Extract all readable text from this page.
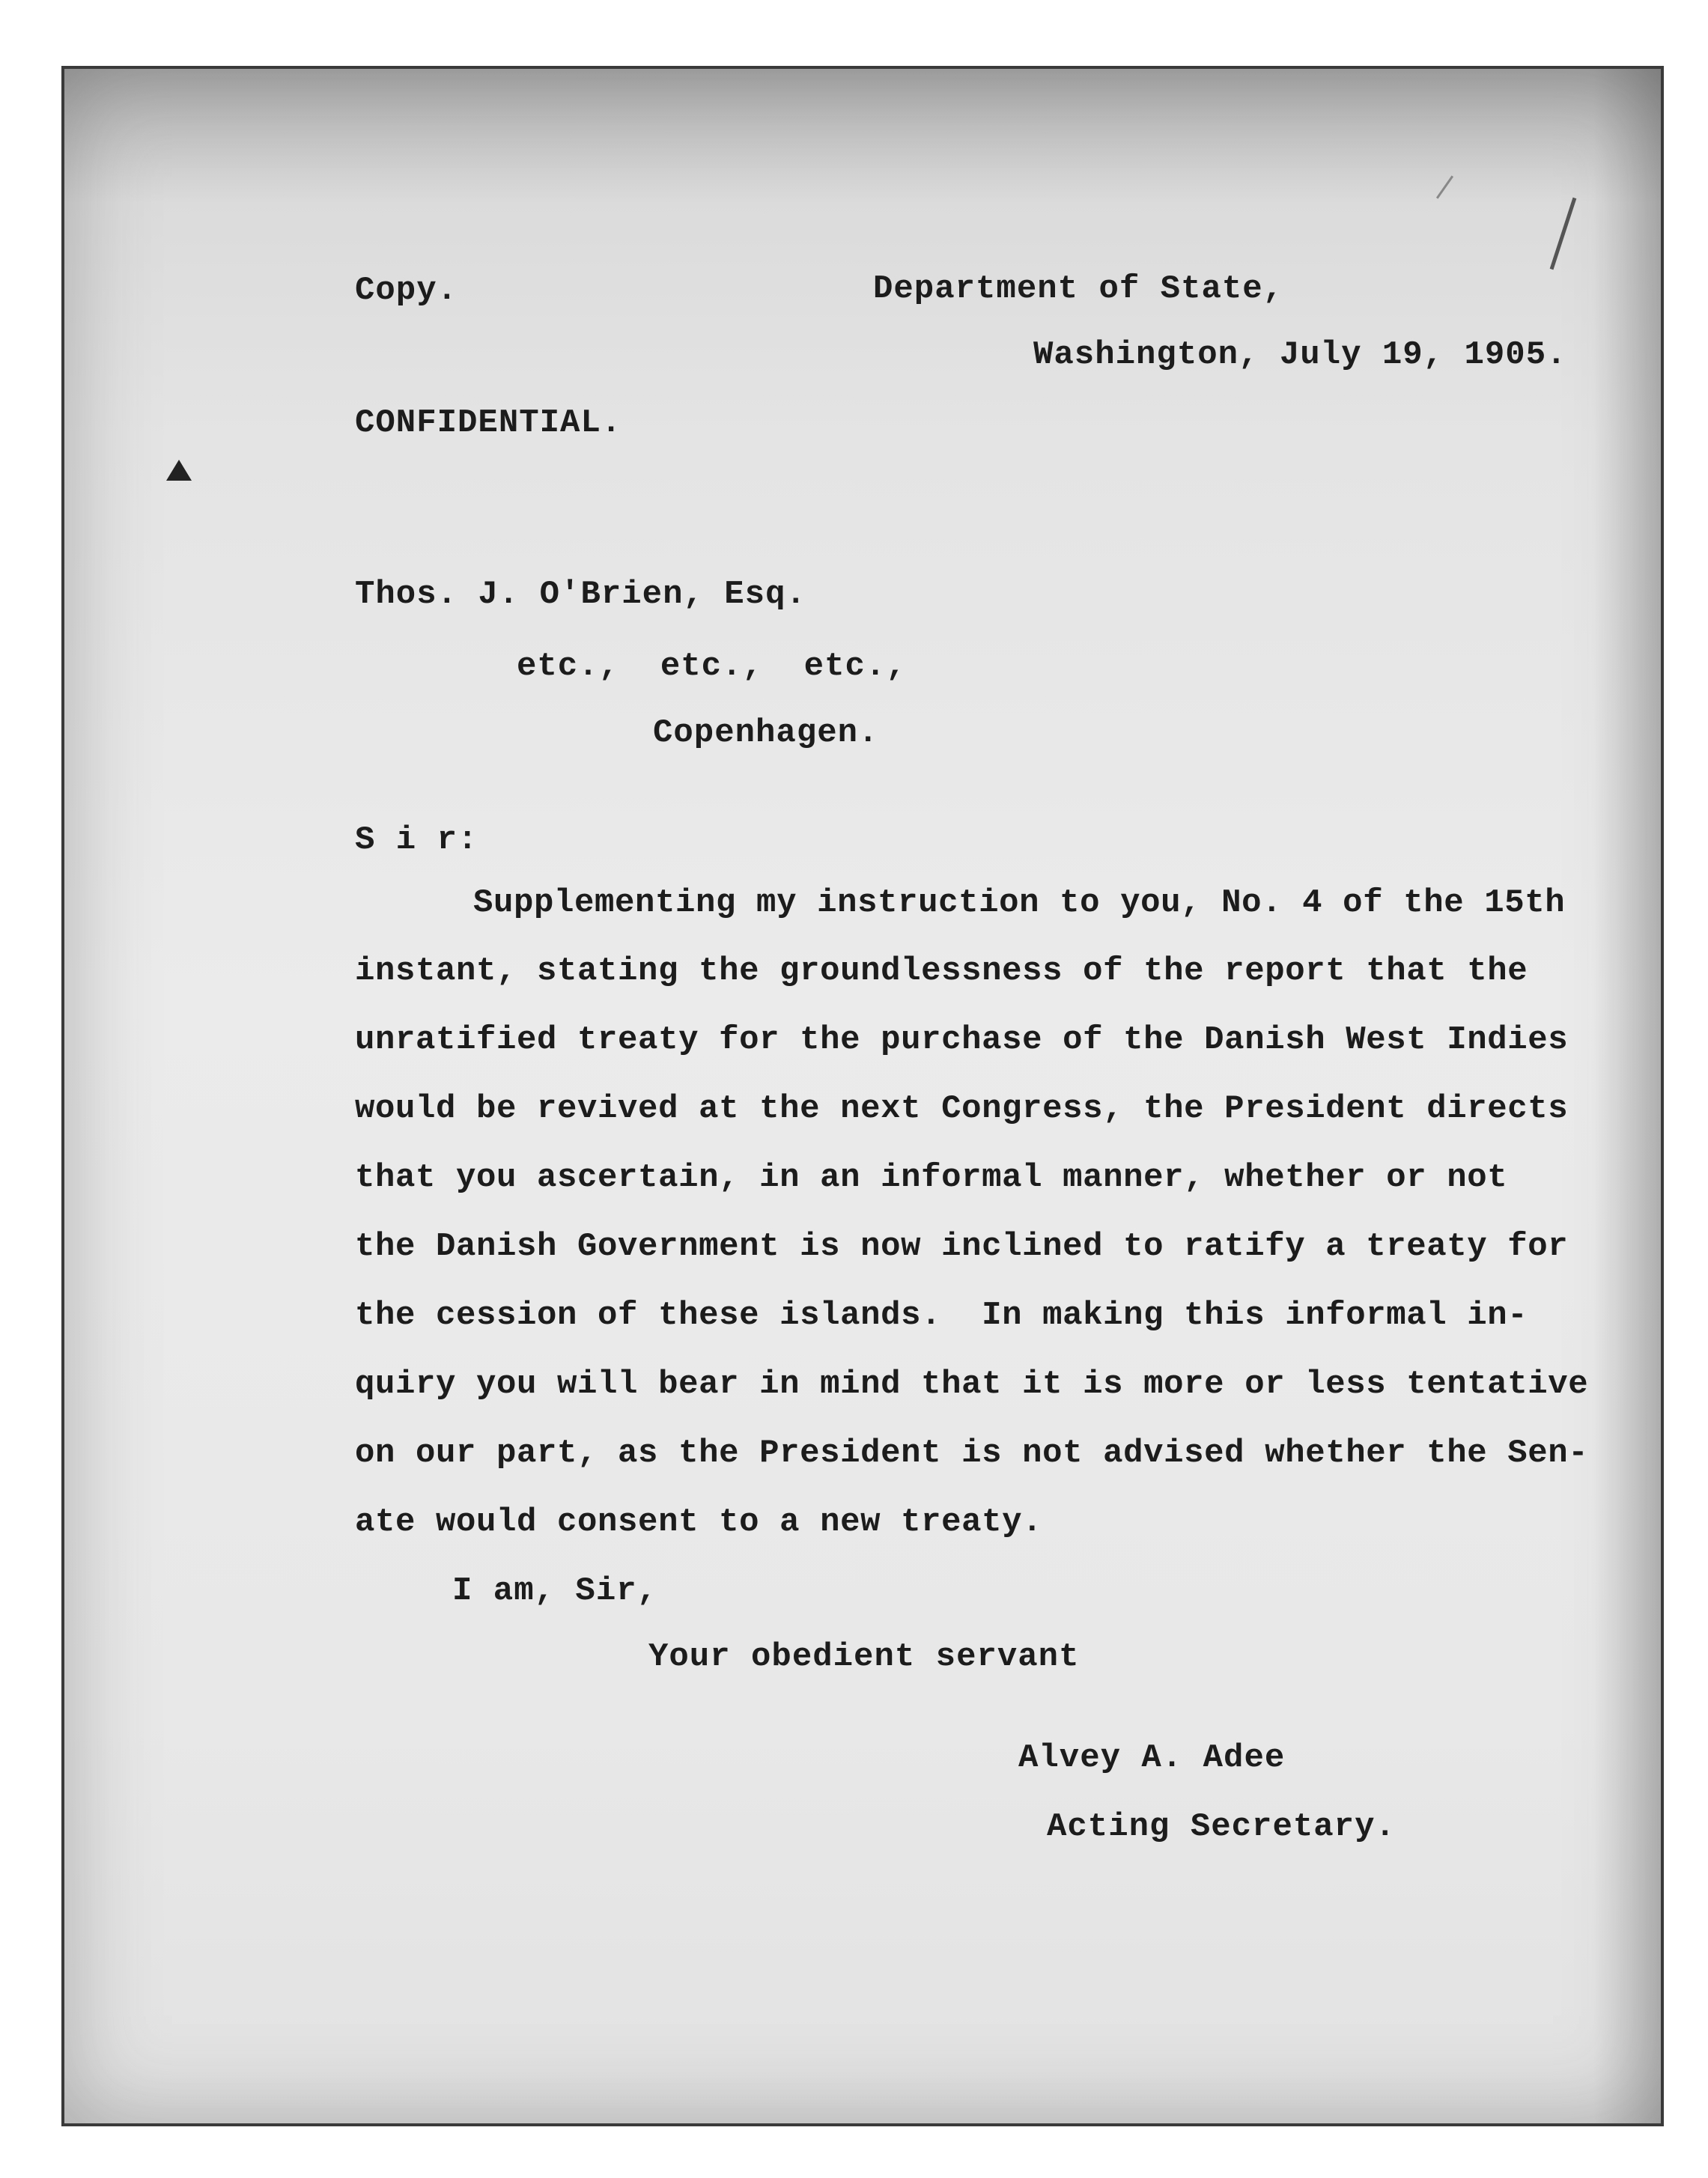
Copy.	Department of State,
Washington, July 19, 1905.
CONFIDENTIAL.
Thos. J. O'Brien, Esq.
etc.,  etc.,  etc.,
Copenhagen.
S i r:
Supplementing my instruction to you, No. 4 of the 15th
instant, stating the groundlessness of the report that the
unratified treaty for the purchase of the Danish West Indies
would be revived at the next Congress, the President directs
that you ascertain, in an informal manner, whether or not
the Danish Government is now inclined to ratify a treaty for
the cession of these islands.  In making this informal in-
quiry you will bear in mind that it is more or less tentative
on our part, as the President is not advised whether the Sen-
ate would consent to a new treaty.
I am, Sir,
Your obedient servant
Alvey A. Adee
Acting Secretary.
